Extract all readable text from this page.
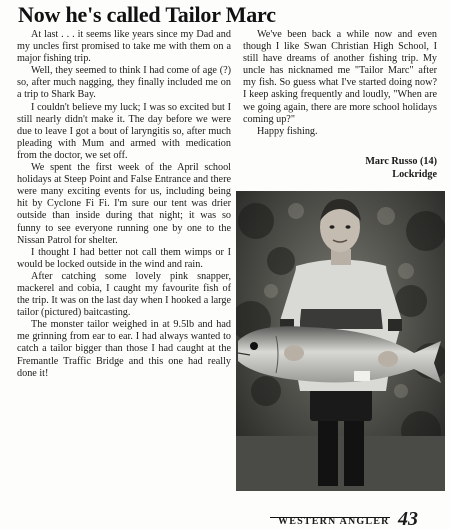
Now he's called Tailor Marc

At last . . . it seems like years since my Dad and my uncles first promised to take me with them on a major fishing trip.

Well, they seemed to think I had come of age (?) so, after much nagging, they finally included me on a trip to Shark Bay.

I couldn't believe my luck; I was so excited but I still nearly didn't make it. The day before we were due to leave I got a bout of laryngitis so, after much pleading with Mum and armed with medication from the doctor, we set off.

We spent the first week of the April school holidays at Steep Point and False Entrance and there were many exciting events for us, including being hit by Cyclone Fi Fi. I'm sure our tent was drier outside than inside during that night; it was so funny to see everyone running one by one to the Nissan Patrol for shelter.

I thought I had better not call them wimps or I would be locked outside in the wind and rain.

After catching some lovely pink snapper, mackerel and cobia, I caught my favourite fish of the trip. It was on the last day when I hooked a large tailor (pictured) baitcasting.

The monster tailor weighed in at 9.5lb and had me grinning from ear to ear. I had always wanted to catch a tailor bigger than those I had caught at the Fremantle Traffic Bridge and this one had really done it!

We've been back a while now and even though I like Swan Christian High School, I still have dreams of another fishing trip. My uncle has nicknamed me "Tailor Marc" after my fish. So guess what I've started doing now? I keep asking frequently and loudly, "When are we going again, there are more school holidays coming up?"

Happy fishing.

Marc Russo (14)
Lockridge
WESTERN ANGLER 43
